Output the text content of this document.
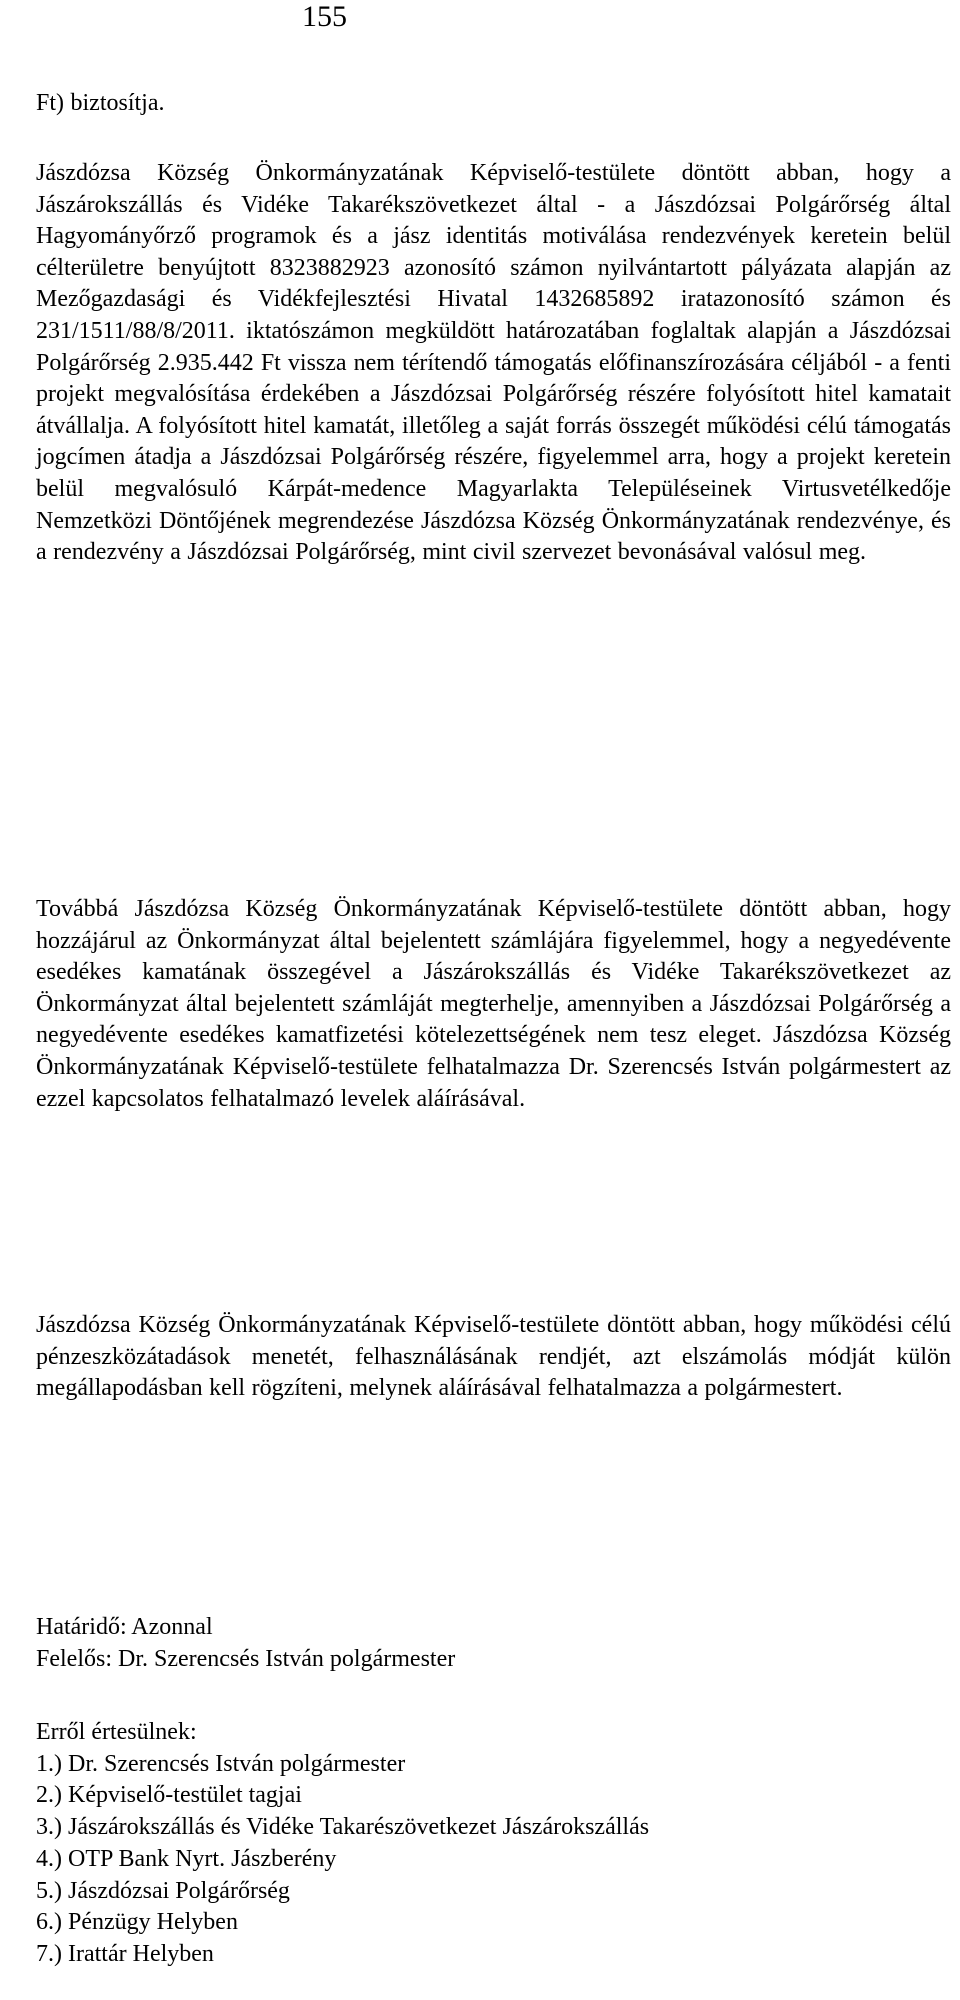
155
Ft) biztosítja.

Jászdózsa Község Önkormányzatának Képviselő-testülete döntött abban, hogy a Jászárokszállás és Vidéke Takarékszövetkezet által - a Jászdózsai Polgárőrség által Hagyományőrző programok és a jász identitás motiválása rendezvények keretein belül célterületre benyújtott 8323882923 azonosító számon nyilvántartott pályázata alapján az Mezőgazdasági és Vidékfejlesztési Hivatal 1432685892 iratazonosító számon és 231/1511/88/8/2011. iktatószámon megküldött határozatában foglaltak alapján a Jászdózsai Polgárőrség 2.935.442 Ft vissza nem térítendő támogatás előfinanszírozására céljából - a fenti projekt megvalósítása érdekében a Jászdózsai Polgárőrség részére folyósított hitel kamatait átvállalja. A folyósított hitel kamatát, illetőleg a saját forrás összegét működési célú támogatás jogcímen átadja a Jászdózsai Polgárőrség részére, figyelemmel arra, hogy a projekt keretein belül megvalósuló Kárpát-medence Magyarlakta Településeinek Virtusvetélkedője Nemzetközi Döntőjének megrendezése Jászdózsa Község Önkormányzatának rendezvénye, és a rendezvény a Jászdózsai Polgárőrség, mint civil szervezet bevonásával valósul meg.

Továbbá Jászdózsa Község Önkormányzatának Képviselő-testülete döntött abban, hogy hozzájárul az Önkormányzat által bejelentett számlájára figyelemmel, hogy a negyedévente esedékes kamatának összegével a Jászárokszállás és Vidéke Takarékszövetkezet az Önkormányzat által bejelentett számláját megterhelje, amennyiben a Jászdózsai Polgárőrség a negyedévente esedékes kamatfizetési kötelezettségének nem tesz eleget. Jászdózsa Község Önkormányzatának Képviselő-testülete felhatalmazza Dr. Szerencsés István polgármestert az ezzel kapcsolatos felhatalmazó levelek aláírásával.

Jászdózsa Község Önkormányzatának Képviselő-testülete döntött abban, hogy működési célú pénzeszközátadások menetét, felhasználásának rendjét, azt elszámolás módját külön megállapodásban kell rögzíteni, melynek aláírásával felhatalmazza a polgármestert.

Határidő: Azonnal
Felelős: Dr. Szerencsés István polgármester
Erről értesülnek:
1.) Dr. Szerencsés István polgármester
2.) Képviselő-testület tagjai
3.) Jászárokszállás és Vidéke Takarészövetkezet Jászárokszállás
4.) OTP Bank Nyrt. Jászberény
5.) Jászdózsai Polgárőrség
6.) Pénzügy Helyben
7.) Irattár Helyben
